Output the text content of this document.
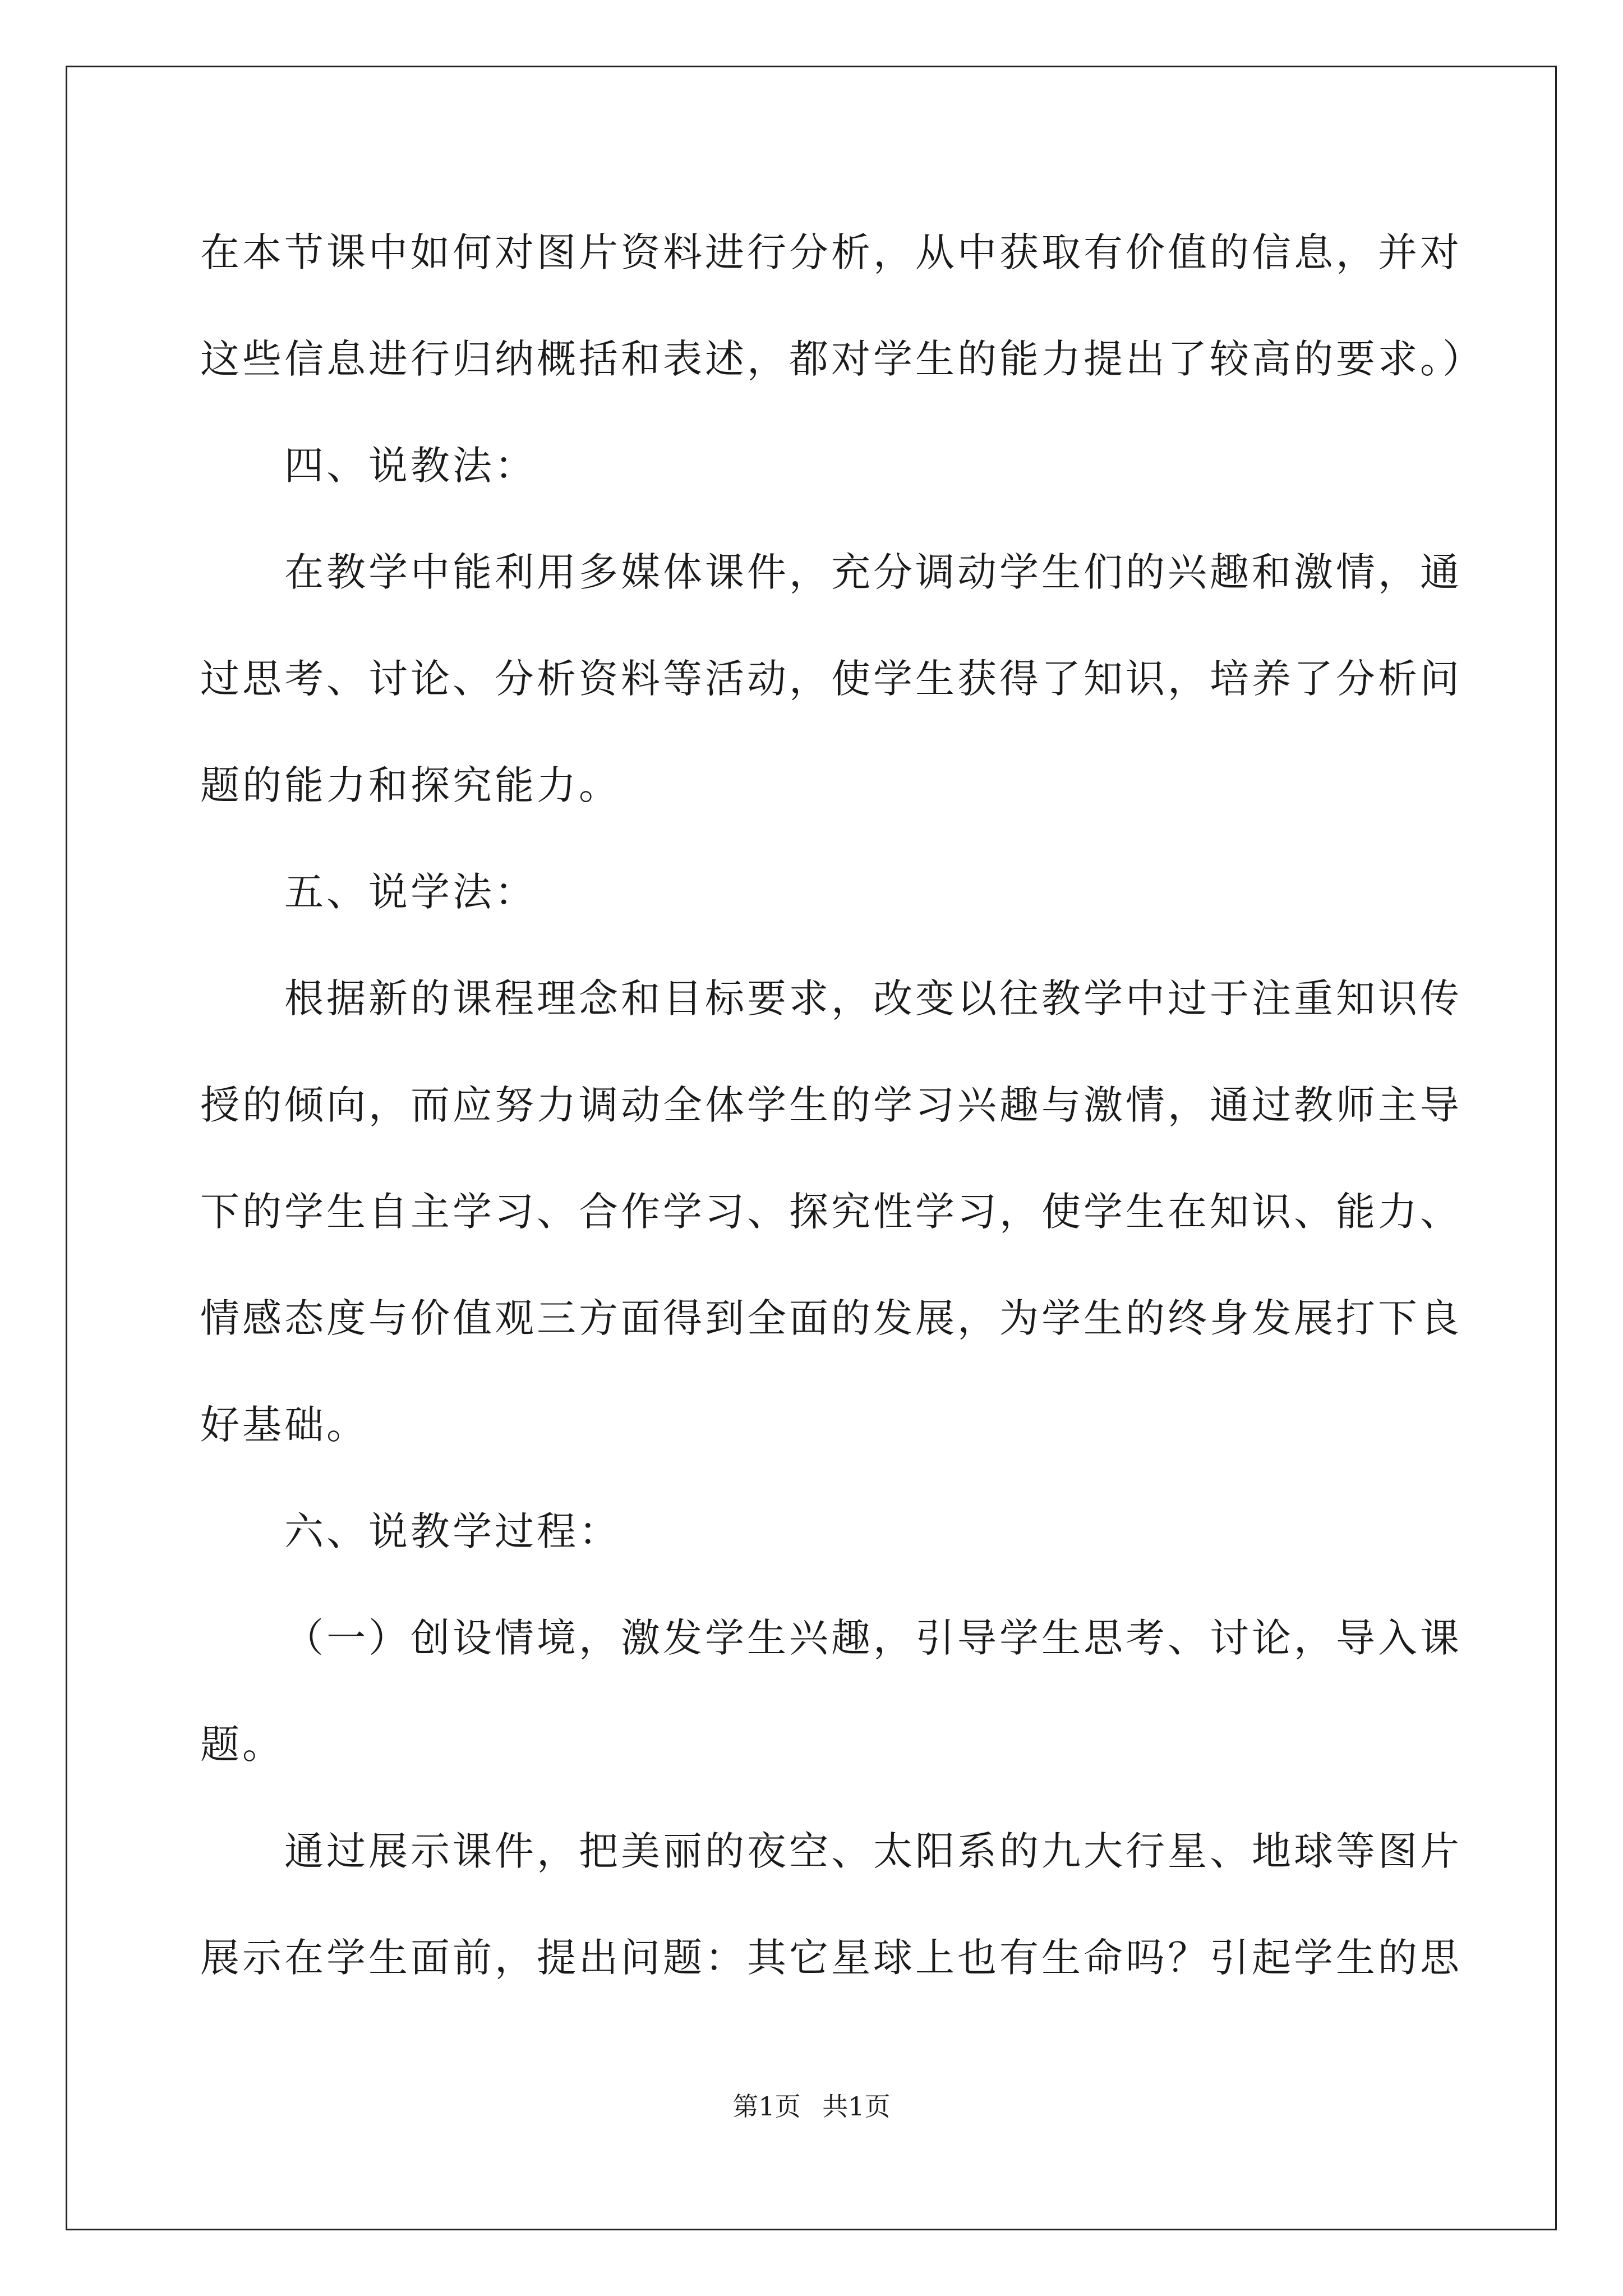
在本节课中如何对图片资料进行分析，从中获取有价值的信息，并对
这些信息进行归纳概括和表述，都对学生的能力提出了较高的要求。）
四、说教法：
在教学中能利用多媒体课件，充分调动学生们的兴趣和激情，通
过思考、讨论、分析资料等活动，使学生获得了知识，培养了分析问
题的能力和探究能力。
五、说学法：
根据新的课程理念和目标要求，改变以往教学中过于注重知识传
授的倾向，而应努力调动全体学生的学习兴趣与激情，通过教师主导
下的学生自主学习、合作学习、探究性学习，使学生在知识、能力、
情感态度与价值观三方面得到全面的发展，为学生的终身发展打下良
好基础。
六、说教学过程：
（一）创设情境，激发学生兴趣，引导学生思考、讨论，导入课
题。
通过展示课件，把美丽的夜空、太阳系的九大行星、地球等图片
展示在学生面前，提出问题：其它星球上也有生命吗？引起学生的思
第1页 共1页
